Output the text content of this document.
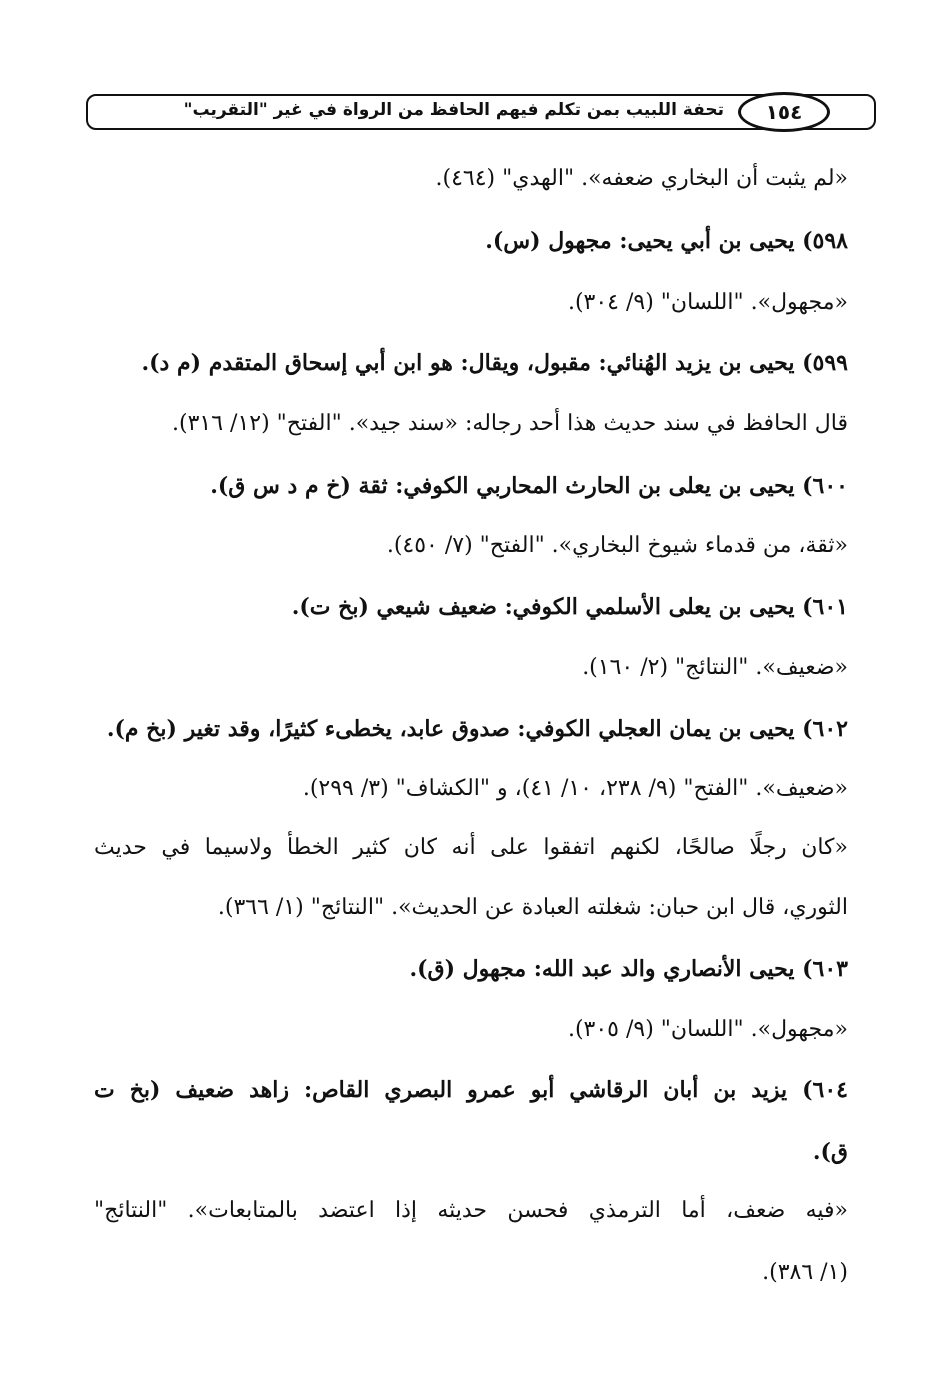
تحفة اللبيب بمن تكلم فيهم الحافظ من الرواة في غير "التقريب"	١٥٤
«لم يثبت أن البخاري ضعفه». "الهدي" (٤٦٤).
٥٩٨) يحيى بن أبي يحيى: مجهول (س).
«مجهول». "اللسان" (٩/ ٣٠٤).
٥٩٩) يحيى بن يزيد الهُنائي: مقبول، ويقال: هو ابن أبي إسحاق المتقدم (م د).
قال الحافظ في سند حديث هذا أحد رجاله: «سند جيد». "الفتح" (١٢/ ٣١٦).
٦٠٠) يحيى بن يعلى بن الحارث المحاربي الكوفي: ثقة (خ م د س ق).
«ثقة، من قدماء شيوخ البخاري». "الفتح" (٧/ ٤٥٠).
٦٠١) يحيى بن يعلى الأسلمي الكوفي: ضعيف شيعي (بخ ت).
«ضعيف». "النتائج" (٢/ ١٦٠).
٦٠٢) يحيى بن يمان العجلي الكوفي: صدوق عابد، يخطىء كثيرًا، وقد تغير (بخ م).
«ضعيف». "الفتح" (٩/ ٢٣٨، ١٠/ ٤١)، و "الكشاف" (٣/ ٢٩٩).
«كان رجلًا صالحًا، لكنهم اتفقوا على أنه كان كثير الخطأ ولاسيما في حديث
الثوري، قال ابن حبان: شغلته العبادة عن الحديث». "النتائج" (١/ ٣٦٦).
٦٠٣) يحيى الأنصاري والد عبد الله: مجهول (ق).
«مجهول». "اللسان" (٩/ ٣٠٥).
٦٠٤) يزيد بن أبان الرقاشي أبو عمرو البصري القاص: زاهد ضعيف (بخ ت
ق).
«فيه ضعف، أما الترمذي فحسن حديثه إذا اعتضد بالمتابعات». "النتائج"
(١/ ٣٨٦).
